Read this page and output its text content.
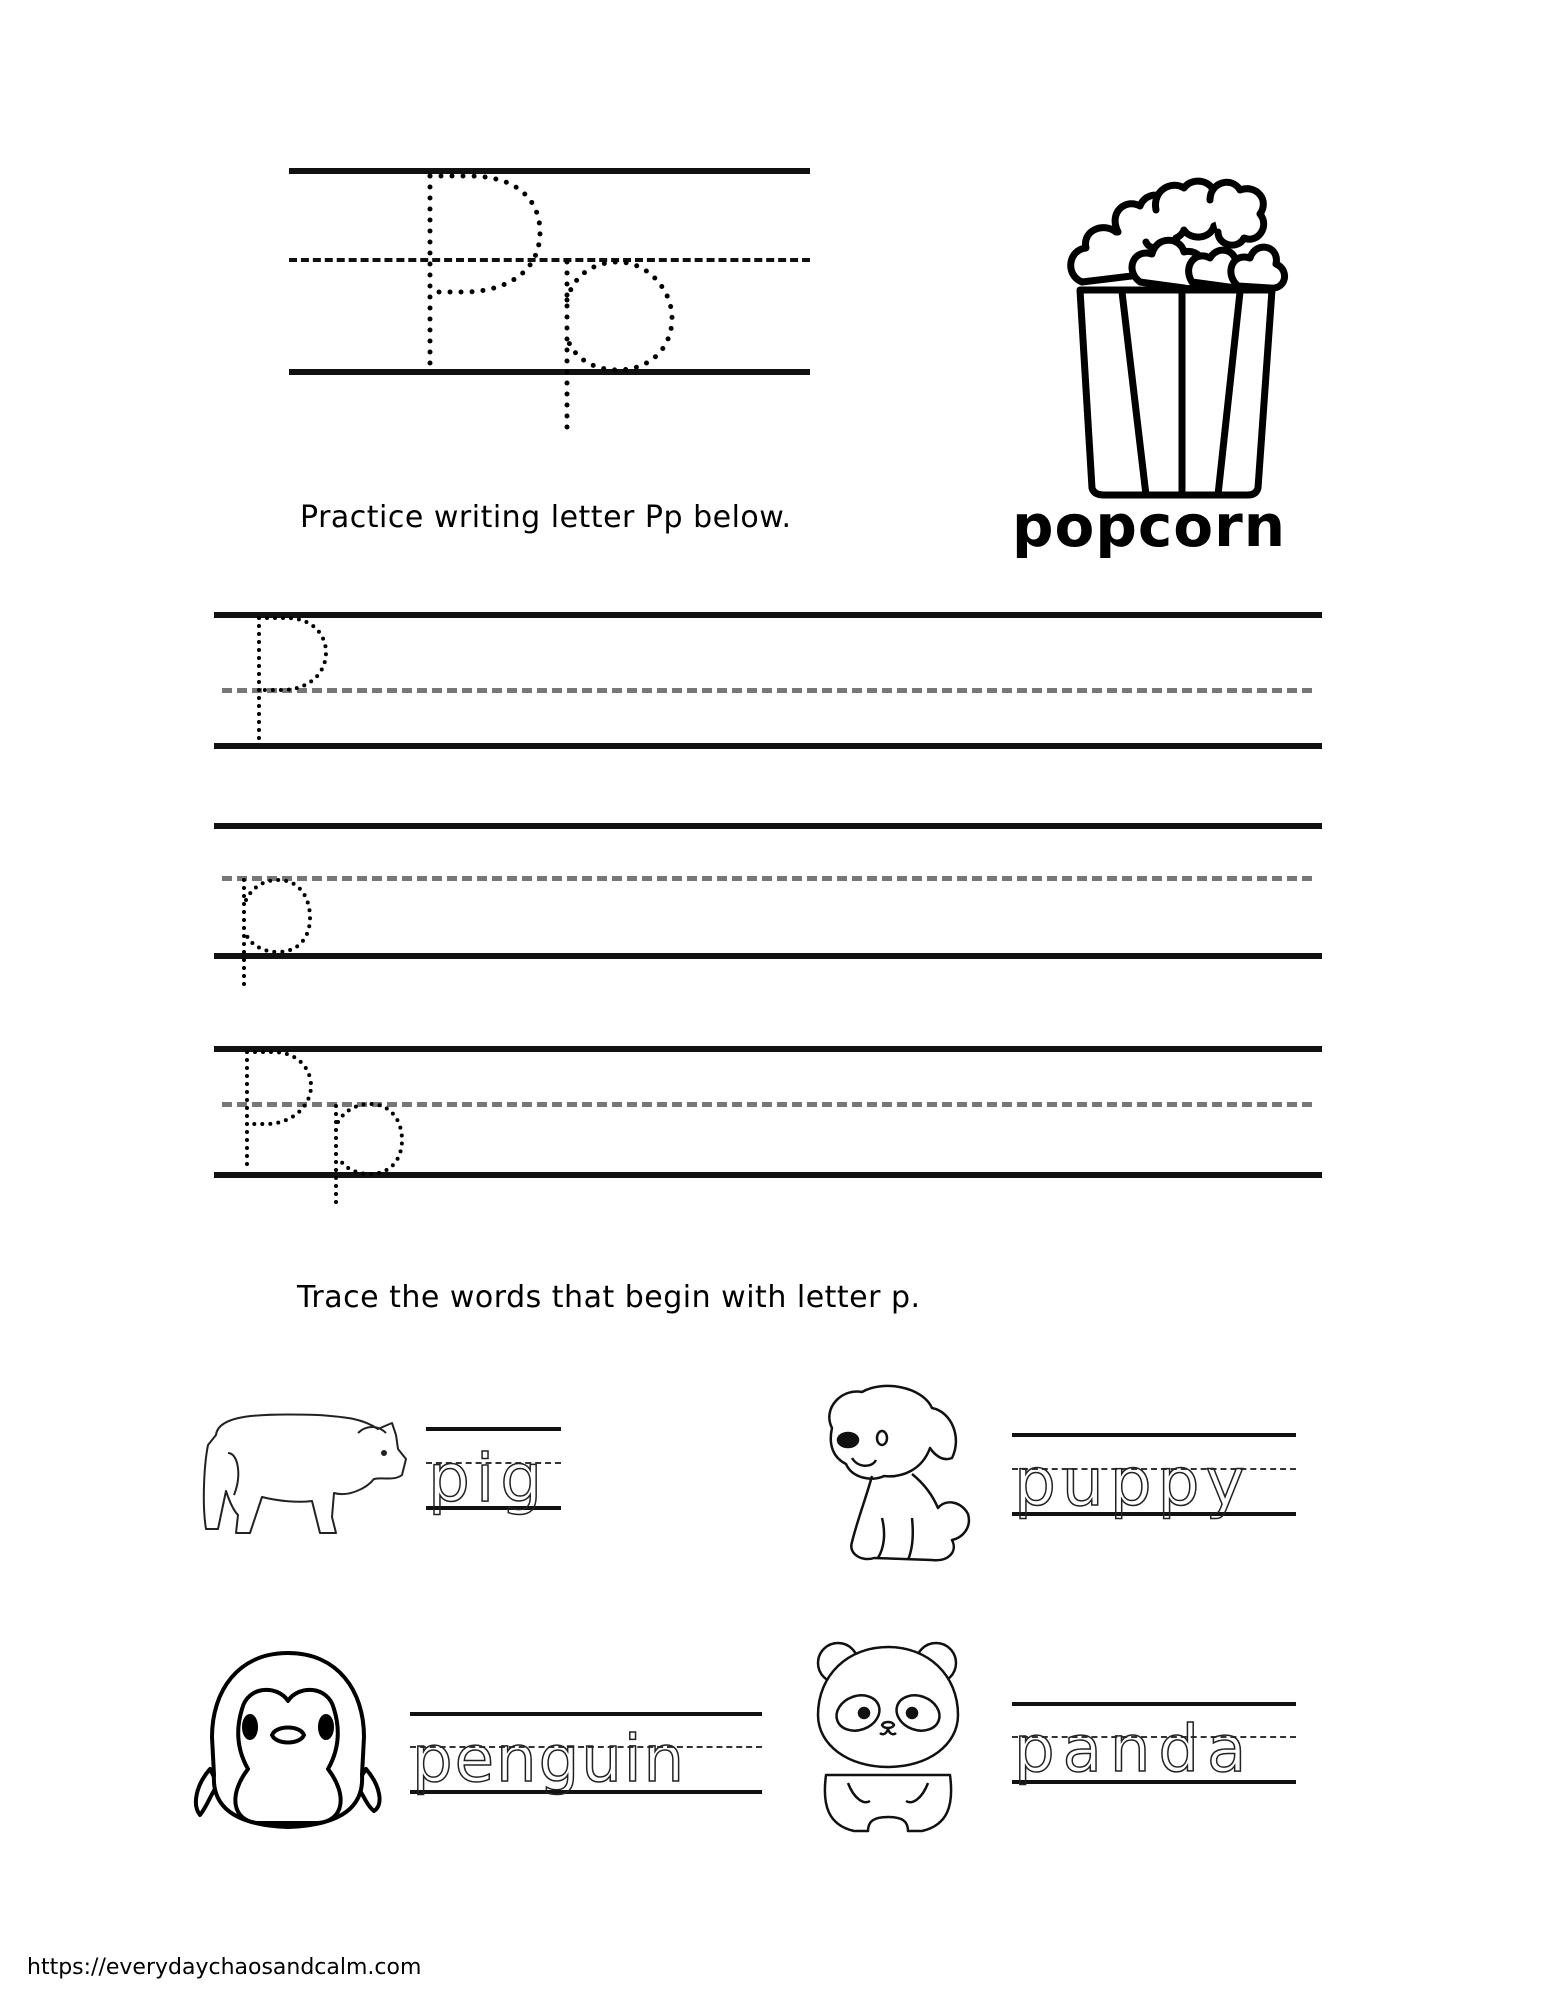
Practice writing letter Pp below.	popcorn
Trace the words that begin with letter p.
pig	puppy
penguin	panda
https://everydaychaosandcalm.com
